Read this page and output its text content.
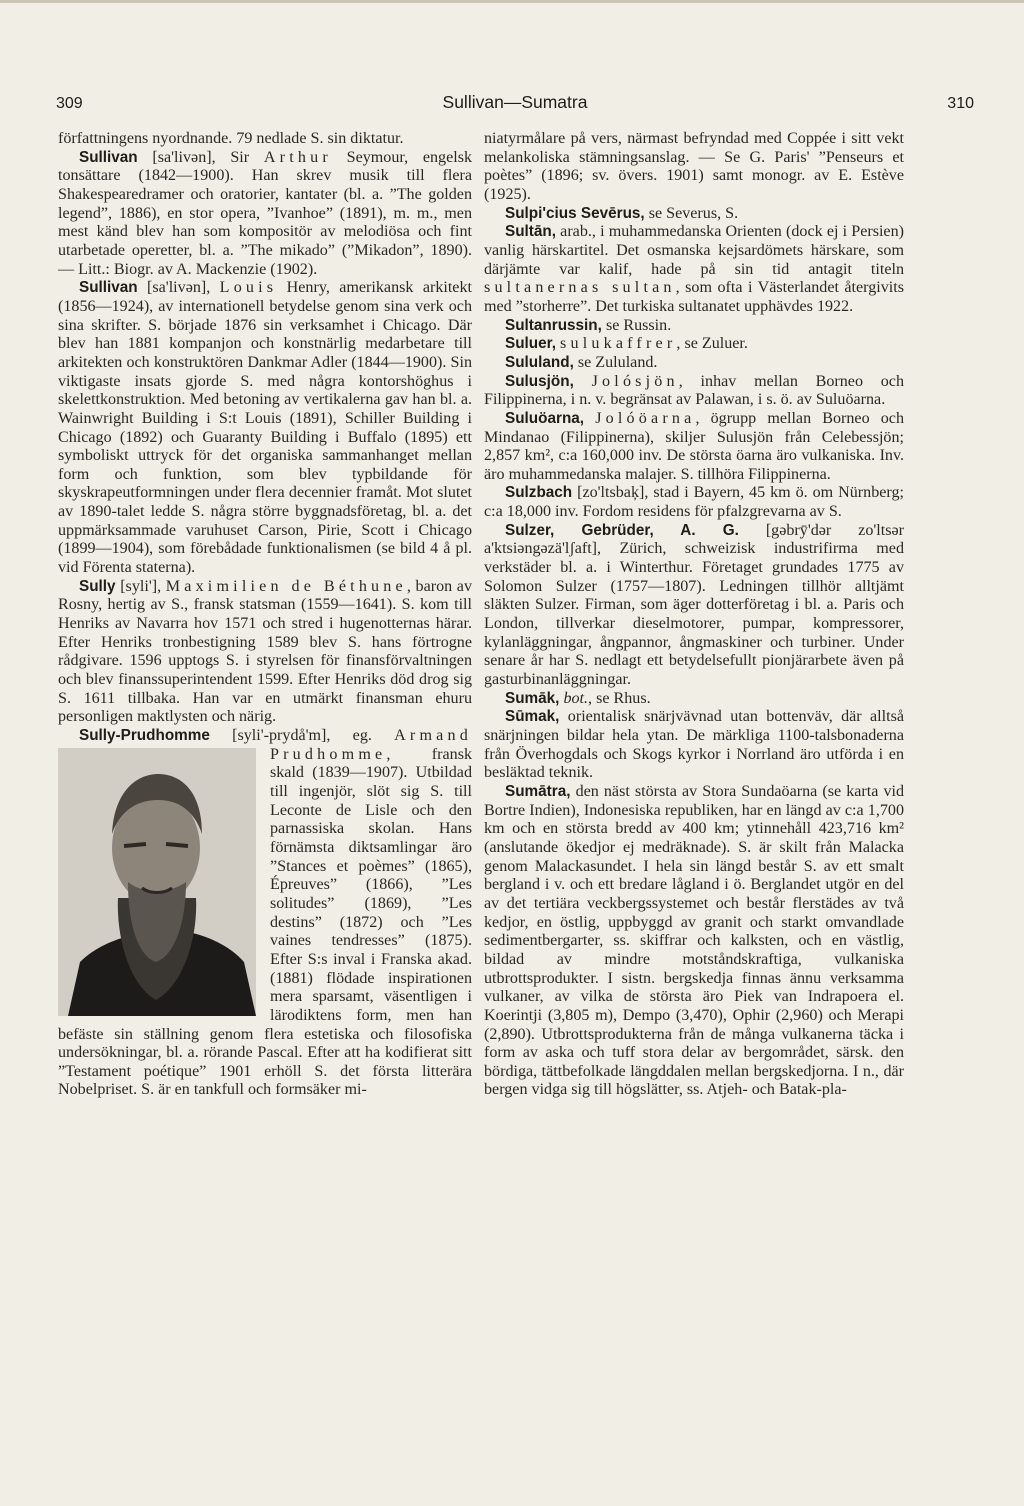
309	Sullivan—Sumatra	310

författningens nyordnande. 79 nedlade S. sin diktatur.

Sullivan [sa'livən], Sir Arthur Seymour, engelsk tonsättare (1842—1900). Han skrev musik till flera Shakespearedramer och oratorier, kantater (bl. a. ”The golden legend”, 1886), en stor opera, ”Ivanhoe” (1891), m. m., men mest känd blev han som kompositör av melodiösa och fint utarbetade operetter, bl. a. ”The mikado” (”Mikadon”, 1890). — Litt.: Biogr. av A. Mackenzie (1902).

Sullivan [sa'livən], Louis Henry, amerikansk arkitekt (1856—1924), av internationell betydelse genom sina verk och sina skrifter. S. började 1876 sin verksamhet i Chicago. Där blev han 1881 kompanjon och konstnärlig medarbetare till arkitekten och konstruktören Dankmar Adler (1844—1900). Sin viktigaste insats gjorde S. med några kontorshöghus i skelettkonstruktion. Med betoning av vertikalerna gav han bl. a. Wainwright Building i S:t Louis (1891), Schiller Building i Chicago (1892) och Guaranty Building i Buffalo (1895) ett symboliskt uttryck för det organiska sammanhanget mellan form och funktion, som blev typbildande för skyskrapeutformningen under flera decennier framåt. Mot slutet av 1890-talet ledde S. några större byggnadsföretag, bl. a. det uppmärksammade varuhuset Carson, Pirie, Scott i Chicago (1899—1904), som förebådade funktionalismen (se bild 4 å pl. vid Förenta staterna).

Sully [syli'], Maximilien de Béthune, baron av Rosny, hertig av S., fransk statsman (1559—1641). S. kom till Henriks av Navarra hov 1571 och stred i hugenotternas härar. Efter Henriks tronbestigning 1589 blev S. hans förtrogne rådgivare. 1596 upptogs S. i styrelsen för finansförvaltningen och blev finanssuperintendent 1599. Efter Henriks död drog sig S. 1611 tillbaka. Han var en utmärkt finansman ehuru personligen maktlysten och närig.

Sully-Prudhomme [syli'-prydå'm], eg. Armand Prudhomme
, fransk skald (1839—1907). Utbildad till ingenjör, slöt sig S. till Leconte de Lisle och den parnassiska skolan. Hans förnämsta diktsamlingar äro ”Stances et poèmes” (1865), Épreuves” (1866), ”Les solitudes” (1869), ”Les destins” (1872) och ”Les vaines tendresses” (1875). Efter S:s inval i Franska akad. (1881) flödade inspirationen mera sparsamt, väsentligen i lärodiktens form, men han befäste sin ställning genom flera estetiska och filosofiska undersökningar, bl. a. rörande Pascal. Efter att ha kodifierat sitt ”Testament poétique” 1901 erhöll S. det första litterära Nobelpriset. S. är en tankfull och formsäker mi-

niatyrmålare på vers, närmast befryndad med Coppée i sitt vekt melankoliska stämningsanslag. — Se G. Paris' ”Penseurs et poètes” (1896; sv. övers. 1901) samt monogr. av E. Estève (1925).

Sulpi'cius Sevērus, se Severus, S.

Sultān, arab., i muhammedanska Orienten (dock ej i Persien) vanlig härskartitel. Det osmanska kejsardömets härskare, som därjämte var kalif, hade på sin tid antagit titeln sultanernas sultan, som ofta i Västerlandet återgivits med ”storherre”. Det turkiska sultanatet upphävdes 1922.

Sultanrussin, se Russin.

Suluer, sulukaffrer, se Zuluer.

Sululand, se Zululand.

Sulusjön, Jolósjön, inhav mellan Borneo och Filippinerna, i n. v. begränsat av Palawan, i s. ö. av Suluöarna.

Suluöarna, Jolóöarna, ögrupp mellan Borneo och Mindanao (Filippinerna), skiljer Sulusjön från Celebessjön; 2,857 km², c:a 160,000 inv. De största öarna äro vulkaniska. Inv. äro muhammedanska malajer. S. tillhöra Filippinerna.

Sulzbach [zo'ltsbaķ], stad i Bayern, 45 km ö. om Nürnberg; c:a 18,000 inv. Fordom residens för pfalzgrevarna av S.

Sulzer, Gebrüder, A. G. [gəbrȳ'dər zo'ltsər a'ktsiəngəzä'lʃaft], Zürich, schweizisk industrifirma med verkstäder bl. a. i Winterthur. Företaget grundades 1775 av Solomon Sulzer (1757—1807). Ledningen tillhör alltjämt släkten Sulzer. Firman, som äger dotterföretag i bl. a. Paris och London, tillverkar dieselmotorer, pumpar, kompressorer, kylanläggningar, ångpannor, ångmaskiner och turbiner. Under senare år har S. nedlagt ett betydelsefullt pionjärarbete även på gasturbinanläggningar.

Sumāk, bot., se Rhus.

Sūmak, orientalisk snärjvävnad utan bottenväv, där alltså snärjningen bildar hela ytan. De märkliga 1100-talsbonaderna från Överhogdals och Skogs kyrkor i Norrland äro utförda i en besläktad teknik.

Sumātra, den näst största av Stora Sundaöarna (se karta vid Bortre Indien), Indonesiska republiken, har en längd av c:a 1,700 km och en största bredd av 400 km; ytinnehåll 423,716 km² (anslutande ökedjor ej medräknade). S. är skilt från Malacka genom Malackasundet. I hela sin längd består S. av ett smalt bergland i v. och ett bredare lågland i ö. Berglandet utgör en del av det tertiära veckbergssystemet och består flerstädes av två kedjor, en östlig, uppbyggd av granit och starkt omvandlade sedimentbergarter, ss. skiffrar och kalksten, och en västlig, bildad av mindre motståndskraftiga, vulkaniska utbrottsprodukter. I sistn. bergskedja finnas ännu verksamma vulkaner, av vilka de största äro Piek van Indrapoera el. Koerintji (3,805 m), Dempo (3,470), Ophir (2,960) och Merapi (2,890). Utbrottsprodukterna från de många vulkanerna täcka i form av aska och tuff stora delar av bergområdet, särsk. den bördiga, tättbefolkade längddalen mellan bergskedjorna. I n., där bergen vidga sig till högslätter, ss. Atjeh- och Batak-pla-
